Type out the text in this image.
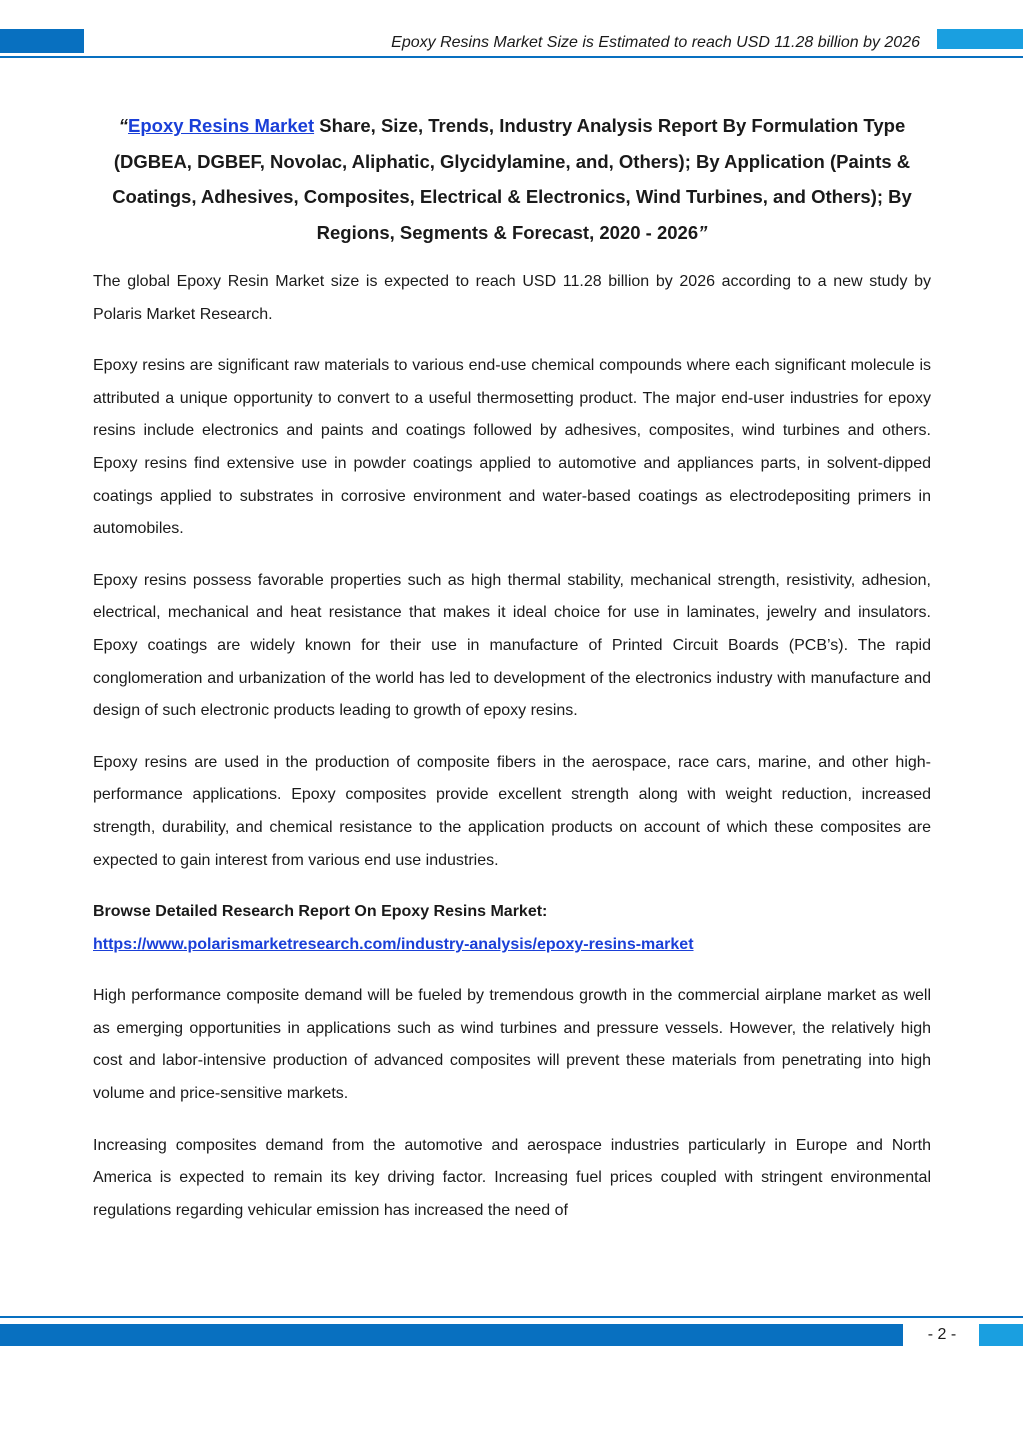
Epoxy Resins Market Size is Estimated to reach USD 11.28 billion by 2026
“Epoxy Resins Market Share, Size, Trends, Industry Analysis Report By Formulation Type (DGBEA, DGBEF, Novolac, Aliphatic, Glycidylamine, and, Others); By Application (Paints & Coatings, Adhesives, Composites, Electrical & Electronics, Wind Turbines, and Others); By Regions, Segments & Forecast, 2020 - 2026”

The global Epoxy Resin Market size is expected to reach USD 11.28 billion by 2026 according to a new study by Polaris Market Research.

Epoxy resins are significant raw materials to various end-use chemical compounds where each significant molecule is attributed a unique opportunity to convert to a useful thermosetting product. The major end-user industries for epoxy resins include electronics and paints and coatings followed by adhesives, composites, wind turbines and others. Epoxy resins find extensive use in powder coatings applied to automotive and appliances parts, in solvent-dipped coatings applied to substrates in corrosive environment and water-based coatings as electrodepositing primers in automobiles.

Epoxy resins possess favorable properties such as high thermal stability, mechanical strength, resistivity, adhesion, electrical, mechanical and heat resistance that makes it ideal choice for use in laminates, jewelry and insulators. Epoxy coatings are widely known for their use in manufacture of Printed Circuit Boards (PCB’s). The rapid conglomeration and urbanization of the world has led to development of the electronics industry with manufacture and design of such electronic products leading to growth of epoxy resins.

Epoxy resins are used in the production of composite fibers in the aerospace, race cars, marine, and other high-performance applications. Epoxy composites provide excellent strength along with weight reduction, increased strength, durability, and chemical resistance to the application products on account of which these composites are expected to gain interest from various end use industries.

Browse Detailed Research Report On Epoxy Resins Market:
https://www.polarismarketresearch.com/industry-analysis/epoxy-resins-market

High performance composite demand will be fueled by tremendous growth in the commercial airplane market as well as emerging opportunities in applications such as wind turbines and pressure vessels. However, the relatively high cost and labor-intensive production of advanced composites will prevent these materials from penetrating into high volume and price-sensitive markets.

Increasing composites demand from the automotive and aerospace industries particularly in Europe and North America is expected to remain its key driving factor. Increasing fuel prices coupled with stringent environmental regulations regarding vehicular emission has increased the need of

- 2 -
